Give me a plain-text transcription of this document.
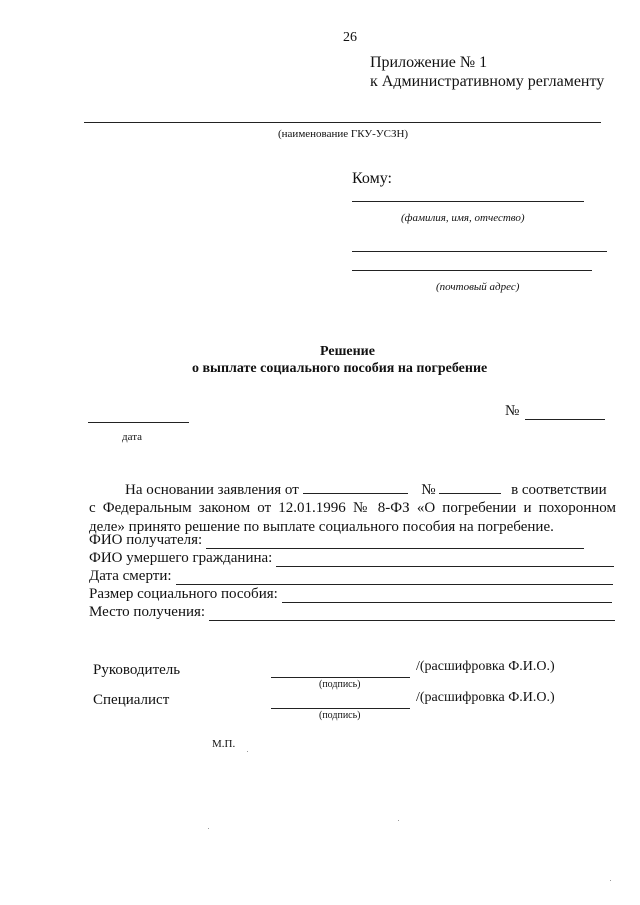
26
Приложение № 1
к Административному регламенту
(наименование ГКУ-УСЗН)
Кому:
(фамилия, имя, отчество)
(почтовый адрес)
Решение
о выплате социального пособия на погребение
дата
№
На основании заявления от	№	в соответствии
с Федеральным законом от 12.01.1996 № 8-ФЗ «О погребении и похоронном
деле» принято решение по выплате социального пособия на погребение.
ФИО получателя:
ФИО умершего гражданина:
Дата смерти:
Размер социального пособия:
Место получения:
Руководитель	/(расшифровка Ф.И.О.)
(подпись)
Специалист	/(расшифровка Ф.И.О.)
(подпись)
М.П.
